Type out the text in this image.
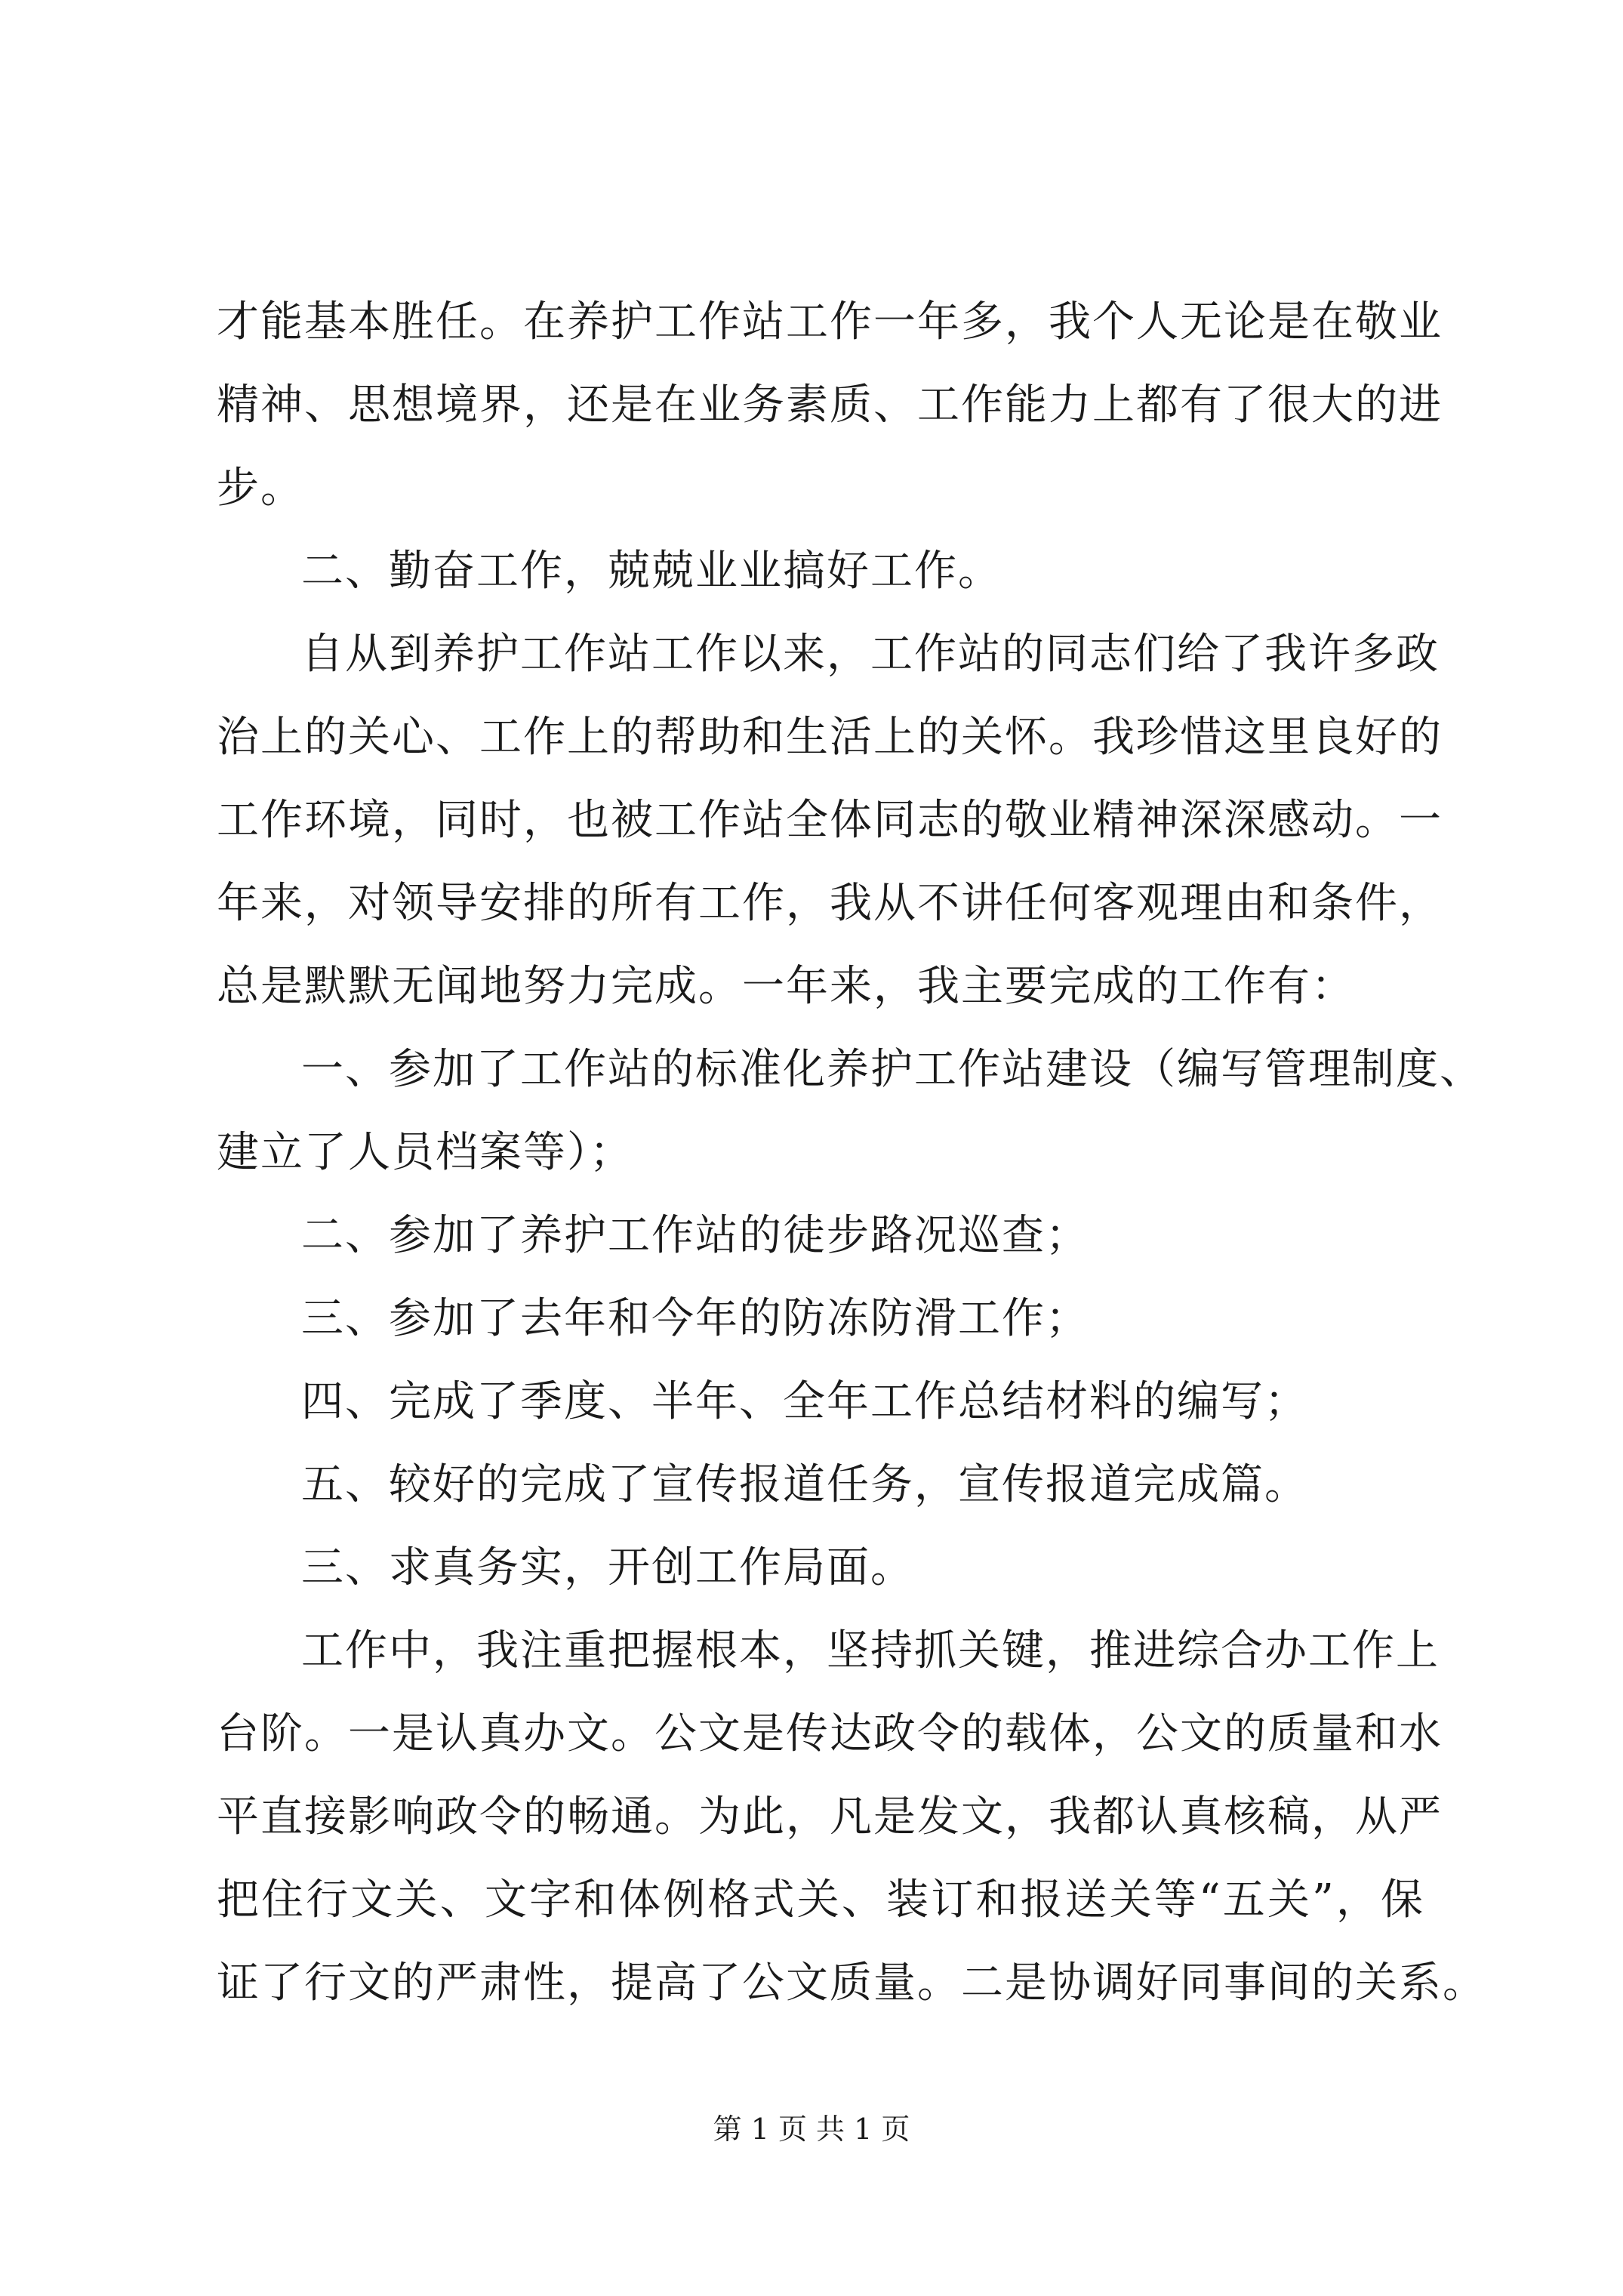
才能基本胜任。在养护工作站工作一年多，我个人无论是在敬业
精神、思想境界，还是在业务素质、工作能力上都有了很大的进
步。
二、勤奋工作，兢兢业业搞好工作。
自从到养护工作站工作以来，工作站的同志们给了我许多政
治上的关心、工作上的帮助和生活上的关怀。我珍惜这里良好的
工作环境，同时，也被工作站全体同志的敬业精神深深感动。一
年来，对领导安排的所有工作，我从不讲任何客观理由和条件，
总是默默无闻地努力完成。一年来，我主要完成的工作有：
一、参加了工作站的标准化养护工作站建设（编写管理制度、
建立了人员档案等）；
二、参加了养护工作站的徒步路况巡查；
三、参加了去年和今年的防冻防滑工作；
四、完成了季度、半年、全年工作总结材料的编写；
五、较好的完成了宣传报道任务，宣传报道完成篇。
三、求真务实，开创工作局面。
工作中，我注重把握根本，坚持抓关键，推进综合办工作上
台阶。一是认真办文。公文是传达政令的载体，公文的质量和水
平直接影响政令的畅通。为此，凡是发文，我都认真核稿，从严
把住行文关、文字和体例格式关、装订和报送关等“五关”，保
证了行文的严肃性，提高了公文质量。二是协调好同事间的关系。
第 1 页 共 1 页
